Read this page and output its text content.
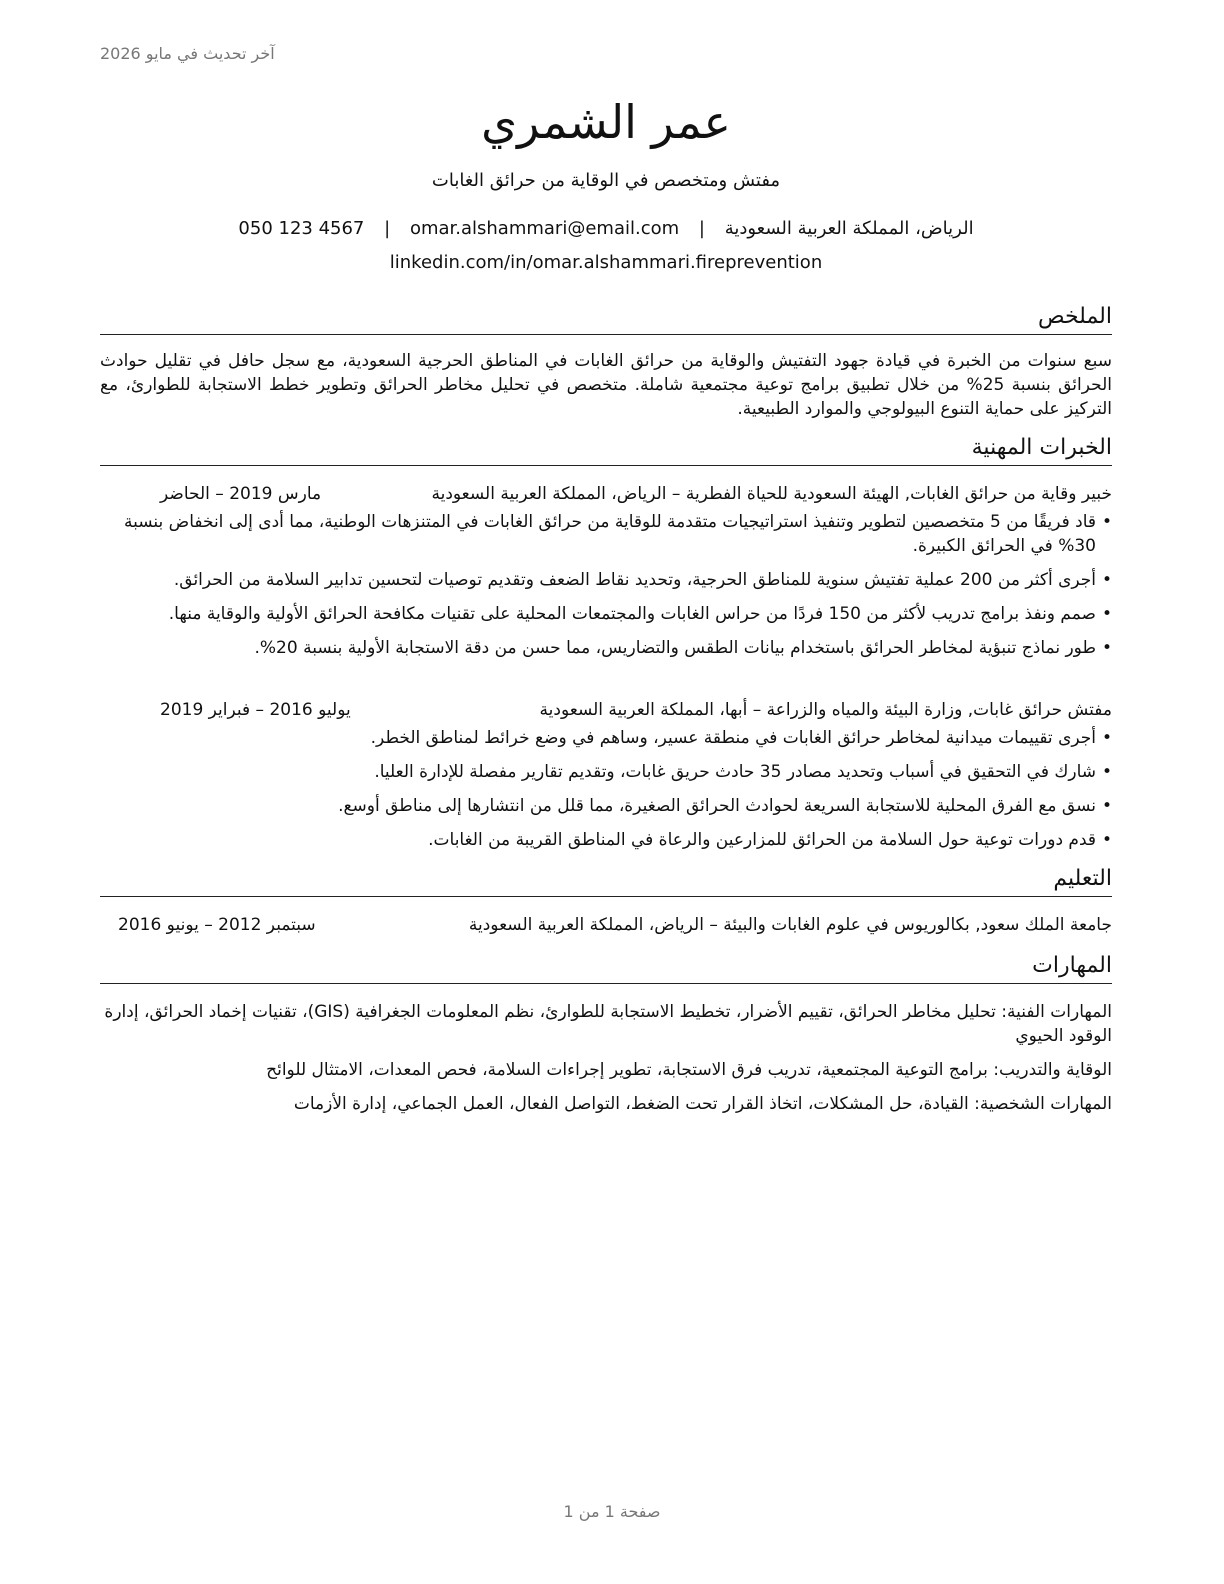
آخر تحديث في مايو 2026
عمر الشمري
مفتش ومتخصص في الوقاية من حرائق الغابات
الرياض، المملكة العربية السعودية | omar.alshammari@email.com | 050 123 4567
linkedin.com/in/omar.alshammari.fireprevention
الملخص
سبع سنوات من الخبرة في قيادة جهود التفتيش والوقاية من حرائق الغابات في المناطق الحرجية السعودية، مع سجل حافل في تقليل حوادث الحرائق بنسبة 25% من خلال تطبيق برامج توعية مجتمعية شاملة. متخصص في تحليل مخاطر الحرائق وتطوير خطط الاستجابة للطوارئ، مع التركيز على حماية التنوع البيولوجي والموارد الطبيعية.
الخبرات المهنية
خبير وقاية من حرائق الغابات, الهيئة السعودية للحياة الفطرية – الرياض، المملكة العربية السعودية
مارس 2019 – الحاضر
• قاد فريقًا من 5 متخصصين لتطوير وتنفيذ استراتيجيات متقدمة للوقاية من حرائق الغابات في المتنزهات الوطنية، مما أدى إلى انخفاض بنسبة 30% في الحرائق الكبيرة.
• أجرى أكثر من 200 عملية تفتيش سنوية للمناطق الحرجية، وتحديد نقاط الضعف وتقديم توصيات لتحسين تدابير السلامة من الحرائق.
• صمم ونفذ برامج تدريب لأكثر من 150 فردًا من حراس الغابات والمجتمعات المحلية على تقنيات مكافحة الحرائق الأولية والوقاية منها.
• طور نماذج تنبؤية لمخاطر الحرائق باستخدام بيانات الطقس والتضاريس، مما حسن من دقة الاستجابة الأولية بنسبة 20%.
مفتش حرائق غابات, وزارة البيئة والمياه والزراعة – أبها، المملكة العربية السعودية
يوليو 2016 – فبراير 2019
• أجرى تقييمات ميدانية لمخاطر حرائق الغابات في منطقة عسير، وساهم في وضع خرائط لمناطق الخطر.
• شارك في التحقيق في أسباب وتحديد مصادر 35 حادث حريق غابات، وتقديم تقارير مفصلة للإدارة العليا.
• نسق مع الفرق المحلية للاستجابة السريعة لحوادث الحرائق الصغيرة، مما قلل من انتشارها إلى مناطق أوسع.
• قدم دورات توعية حول السلامة من الحرائق للمزارعين والرعاة في المناطق القريبة من الغابات.
التعليم
جامعة الملك سعود, بكالوريوس في علوم الغابات والبيئة – الرياض، المملكة العربية السعودية
سبتمبر 2012 – يونيو 2016
المهارات
المهارات الفنية: تحليل مخاطر الحرائق، تقييم الأضرار، تخطيط الاستجابة للطوارئ، نظم المعلومات الجغرافية (GIS)، تقنيات إخماد الحرائق، إدارة الوقود الحيوي
الوقاية والتدريب: برامج التوعية المجتمعية، تدريب فرق الاستجابة، تطوير إجراءات السلامة، فحص المعدات، الامتثال للوائح
المهارات الشخصية: القيادة، حل المشكلات، اتخاذ القرار تحت الضغط، التواصل الفعال، العمل الجماعي، إدارة الأزمات
صفحة 1 من 1
